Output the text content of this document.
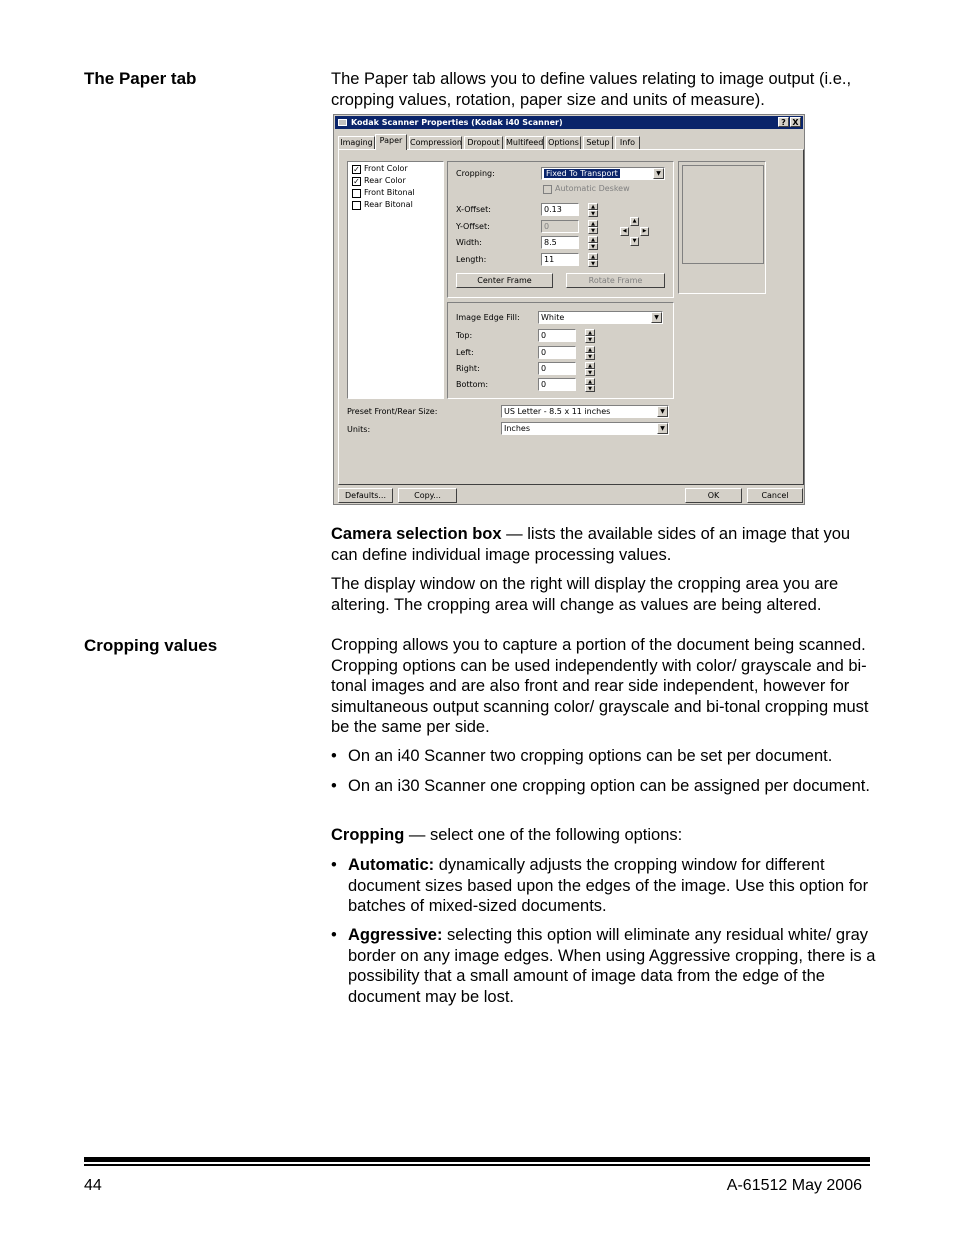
The Paper tab	The Paper tab allows you to define values relating to image output (i.e., cropping values, rotation, paper size and units of measure).

Kodak Scanner Properties (Kodak i40 Scanner)	? X
Imaging Paper Compression Dropout Multifeed Options Setup	Info
✓ Front Color
✓ Rear Color
Front Bitonal
Rear Bitonal
Cropping:	Fixed To Transport	▼
Automatic Deskew
X-Offset:	0.13	▲
▼
Y-Offset:	0	▲
▼
Width:	8.5	▲
▼
Length:	11	▲
▼
▲
◀	▶
▼
Center Frame	Rotate Frame
Image Edge Fill:	White	▼
Top:	0	▲
▼
Left:	0	▲
▼
Right:	0	▲
▼
Bottom:	0	▲
▼
Preset Front/Rear Size:	US Letter - 8.5 x 11 inches	▼
Units:	Inches	▼
Defaults...	Copy...	OK	Cancel

Camera selection box — lists the available sides of an image that you can define individual image processing values.

The display window on the right will display the cropping area you are altering. The cropping area will change as values are being altered.

Cropping values	Cropping allows you to capture a portion of the document being scanned. Cropping options can be used independently with color/ grayscale and bi-tonal images and are also front and rear side independent, however for simultaneous output scanning color/ grayscale and bi-tonal cropping must be the same per side.

• On an i40 Scanner two cropping options can be set per document.
• On an i30 Scanner one cropping option can be assigned per document.

Cropping — select one of the following options:

• Automatic: dynamically adjusts the cropping window for different document sizes based upon the edges of the image. Use this option for batches of mixed-sized documents.
• Aggressive: selecting this option will eliminate any residual white/ gray border on any image edges. When using Aggressive cropping, there is a possibility that a small amount of image data from the edge of the document may be lost.
44	A-61512 May 2006
